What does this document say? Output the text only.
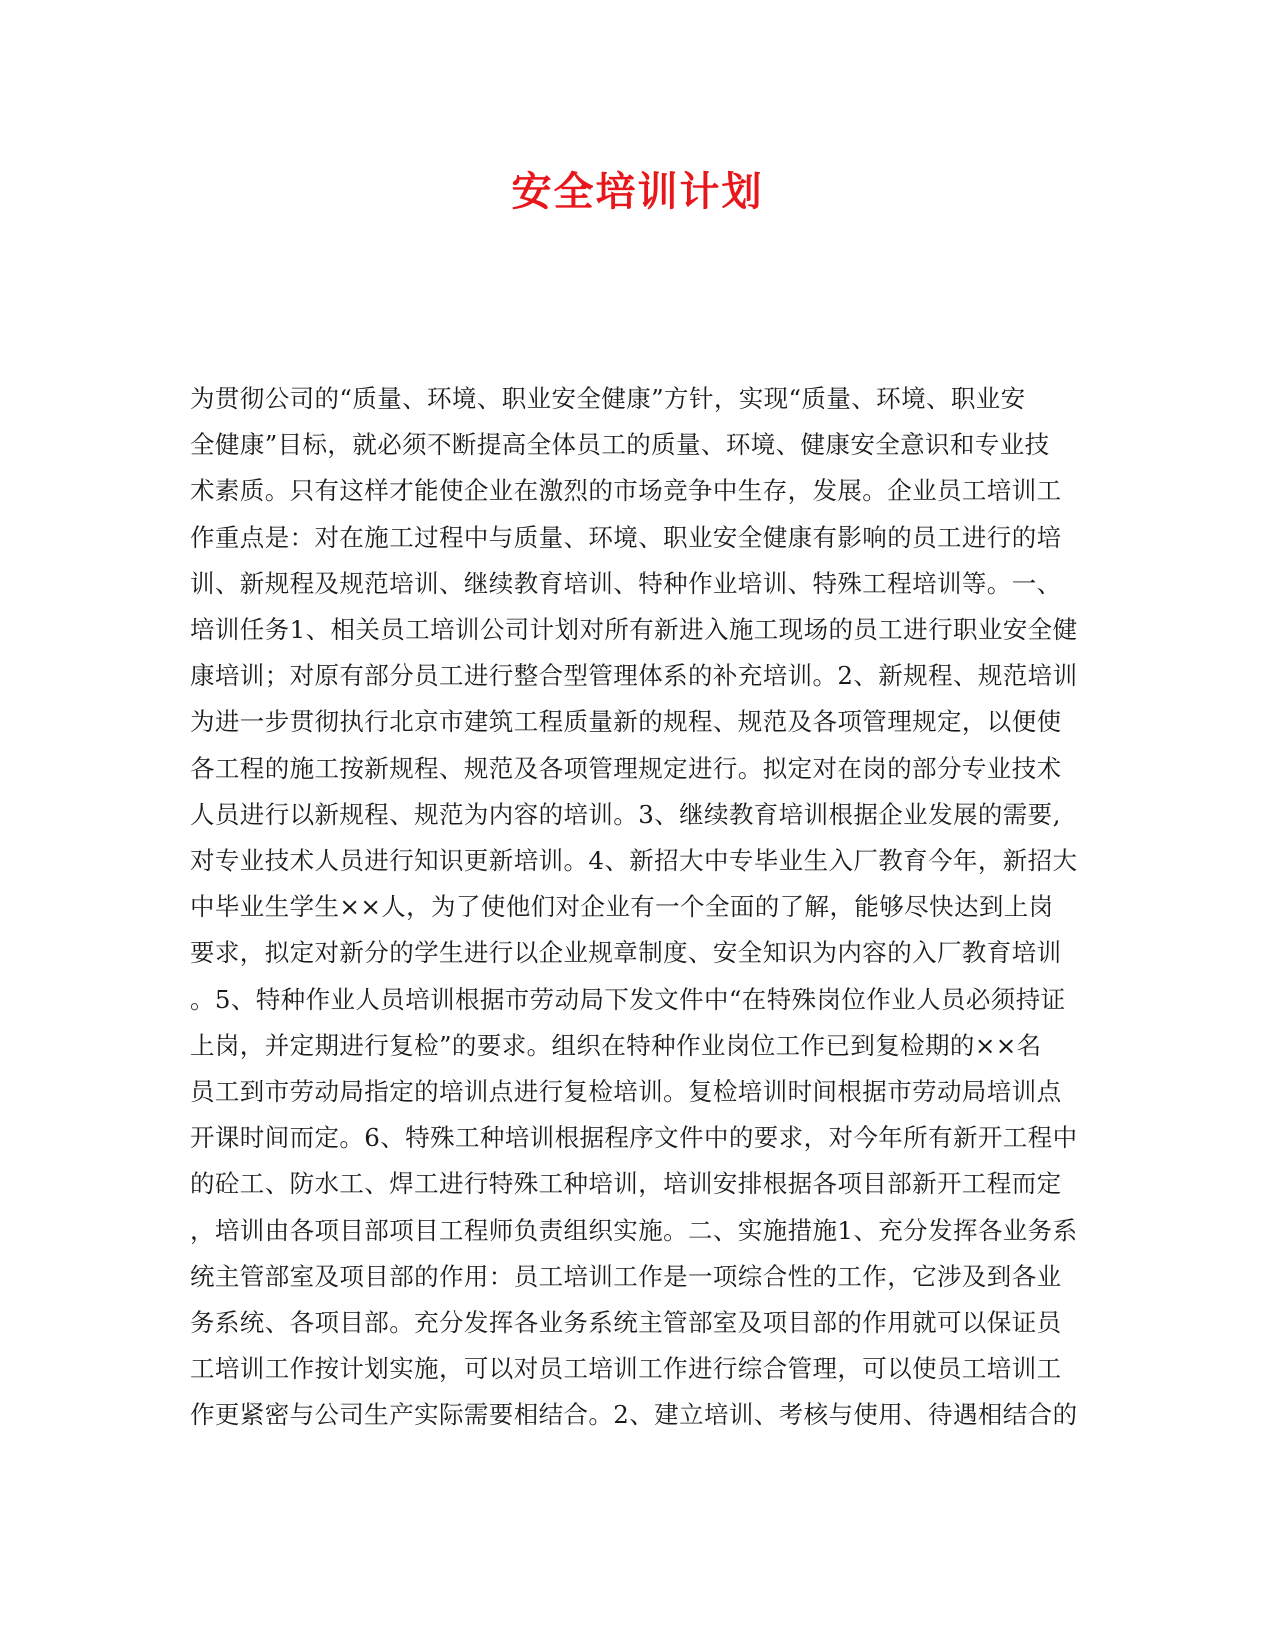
安全培训计划
为贯彻公司的“质量、环境、职业安全健康”方针，实现“质量、环境、职业安
全健康”目标，就必须不断提高全体员工的质量、环境、健康安全意识和专业技
术素质。只有这样才能使企业在激烈的市场竞争中生存，发展。企业员工培训工
作重点是：对在施工过程中与质量、环境、职业安全健康有影响的员工进行的培
训、新规程及规范培训、继续教育培训、特种作业培训、特殊工程培训等。一、
培训任务1、相关员工培训公司计划对所有新进入施工现场的员工进行职业安全健
康培训；对原有部分员工进行整合型管理体系的补充培训。2、新规程、规范培训
为进一步贯彻执行北京市建筑工程质量新的规程、规范及各项管理规定，以便使
各工程的施工按新规程、规范及各项管理规定进行。拟定对在岗的部分专业技术
人员进行以新规程、规范为内容的培训。3、继续教育培训根据企业发展的需要,
对专业技术人员进行知识更新培训。4、新招大中专毕业生入厂教育今年，新招大
中毕业生学生××人，为了使他们对企业有一个全面的了解，能够尽快达到上岗
要求，拟定对新分的学生进行以企业规章制度、安全知识为内容的入厂教育培训
。5、特种作业人员培训根据市劳动局下发文件中“在特殊岗位作业人员必须持证
上岗，并定期进行复检”的要求。组织在特种作业岗位工作已到复检期的××名
员工到市劳动局指定的培训点进行复检培训。复检培训时间根据市劳动局培训点
开课时间而定。6、特殊工种培训根据程序文件中的要求，对今年所有新开工程中
的砼工、防水工、焊工进行特殊工种培训，培训安排根据各项目部新开工程而定
，培训由各项目部项目工程师负责组织实施。二、实施措施1、充分发挥各业务系
统主管部室及项目部的作用：员工培训工作是一项综合性的工作，它涉及到各业
务系统、各项目部。充分发挥各业务系统主管部室及项目部的作用就可以保证员
工培训工作按计划实施，可以对员工培训工作进行综合管理，可以使员工培训工
作更紧密与公司生产实际需要相结合。2、建立培训、考核与使用、待遇相结合的
